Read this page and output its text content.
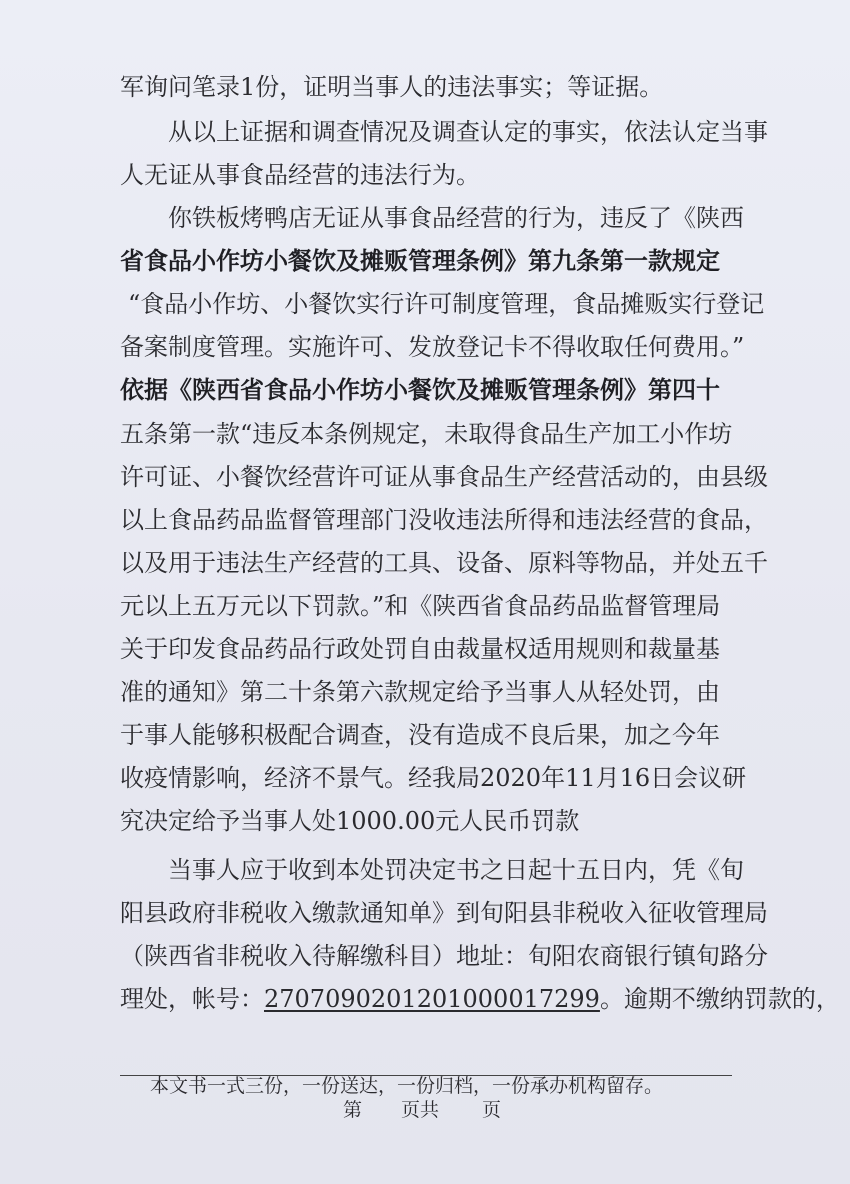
军询问笔录1份，证明当事人的违法事实；等证据。
从以上证据和调查情况及调查认定的事实，依法认定当事
人无证从事食品经营的违法行为。
你铁板烤鸭店无证从事食品经营的行为，违反了《陕西
省食品小作坊小餐饮及摊贩管理条例》第九条第一款规定
“食品小作坊、小餐饮实行许可制度管理，食品摊贩实行登记
备案制度管理。实施许可、发放登记卡不得收取任何费用。”
依据《陕西省食品小作坊小餐饮及摊贩管理条例》第四十
五条第一款“违反本条例规定，未取得食品生产加工小作坊
许可证、小餐饮经营许可证从事食品生产经营活动的，由县级
以上食品药品监督管理部门没收违法所得和违法经营的食品，
以及用于违法生产经营的工具、设备、原料等物品，并处五千
元以上五万元以下罚款。”和《陕西省食品药品监督管理局
关于印发食品药品行政处罚自由裁量权适用规则和裁量基
准的通知》第二十条第六款规定给予当事人从轻处罚，由
于事人能够积极配合调查，没有造成不良后果，加之今年
收疫情影响，经济不景气。经我局2020年11月16日会议研
究决定给予当事人处1000.00元人民币罚款
当事人应于收到本处罚决定书之日起十五日内，凭《旬
阳县政府非税收入缴款通知单》到旬阳县非税收入征收管理局
（陕西省非税收入待解缴科目）地址：旬阳农商银行镇旬路分
理处，帐号：27070902012010000172​99。逾期不缴纳罚款的，
本文书一式三份，一份送达，一份归档，一份承办机构留存。
第 页共 页
